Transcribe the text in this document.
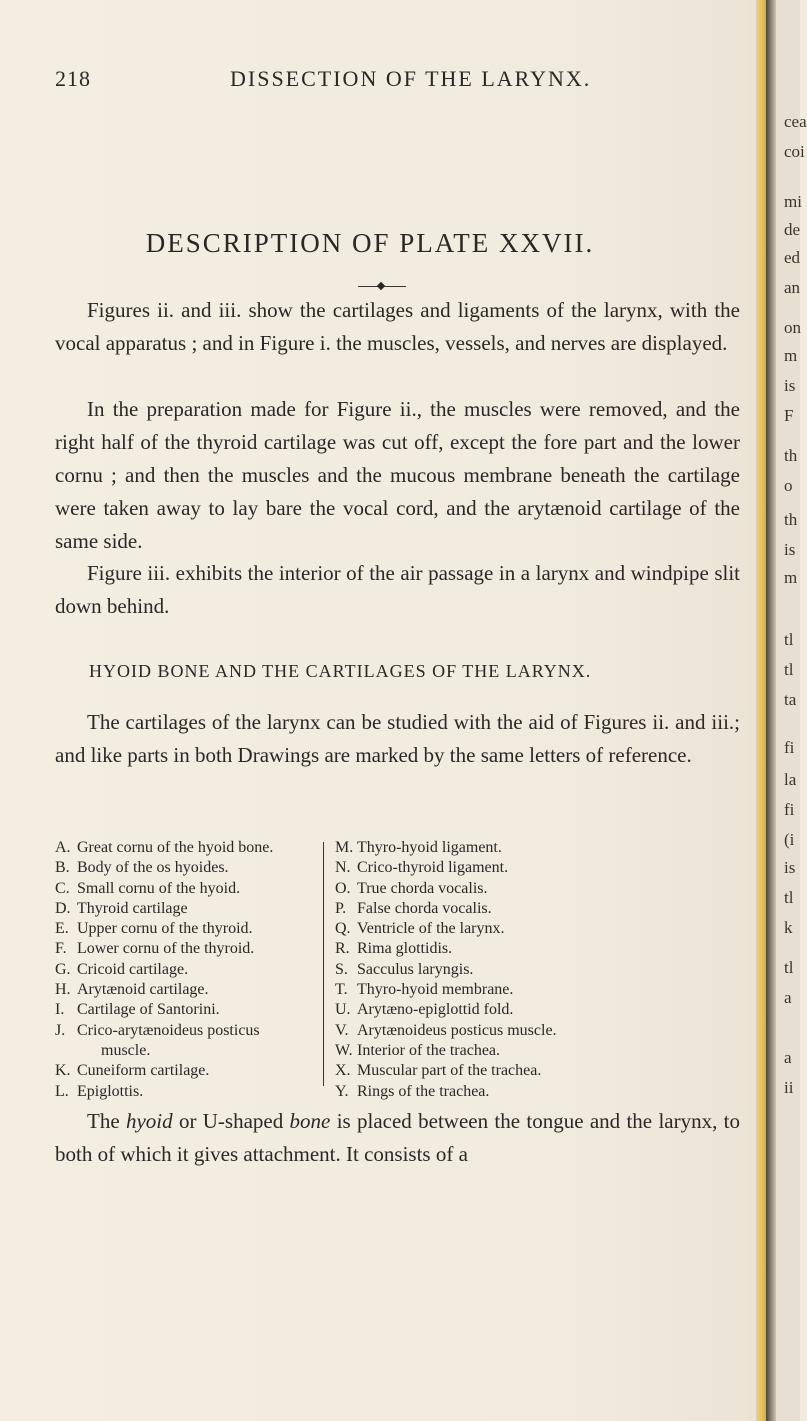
218	DISSECTION OF THE LARYNX.
DESCRIPTION OF PLATE XXVII.

Figures ii. and iii. show the cartilages and ligaments of the larynx, with the vocal apparatus ; and in Figure i. the muscles, vessels, and nerves are displayed.

In the preparation made for Figure ii., the muscles were removed, and the right half of the thyroid cartilage was cut off, except the fore part and the lower cornu ; and then the muscles and the mucous membrane beneath the cartilage were taken away to lay bare the vocal cord, and the arytænoid cartilage of the same side.

Figure iii. exhibits the interior of the air passage in a larynx and windpipe slit down behind.

HYOID BONE AND THE CARTILAGES OF THE LARYNX.

The cartilages of the larynx can be studied with the aid of Figures ii. and iii.; and like parts in both Drawings are marked by the same letters of reference.

A. Great cornu of the hyoid bone.
B. Body of the os hyoides.
C. Small cornu of the hyoid.
D. Thyroid cartilage
E. Upper cornu of the thyroid.
F. Lower cornu of the thyroid.
G. Cricoid cartilage.
H. Arytænoid cartilage.
I. Cartilage of Santorini.
J. Crico-arytænoideus posticus
muscle.
K. Cuneiform cartilage.
L. Epiglottis.
M. Thyro-hyoid ligament.
N. Crico-thyroid ligament.
O. True chorda vocalis.
P. False chorda vocalis.
Q. Ventricle of the larynx.
R. Rima glottidis.
S. Sacculus laryngis.
T. Thyro-hyoid membrane.
U. Arytæno-epiglottid fold.
V. Arytænoideus posticus muscle.
W. Interior of the trachea.
X. Muscular part of the trachea.
Y. Rings of the trachea.

The hyoid or U-shaped bone is placed between the tongue and the larynx, to both of which it gives attachment. It consists of a

cea
coi
mi
de
ed
an
on
m
is
F
th
o
th
is
m
tl
tl
ta
fi
la
fi
(i
is
tl
k
tl
a
a
ii
